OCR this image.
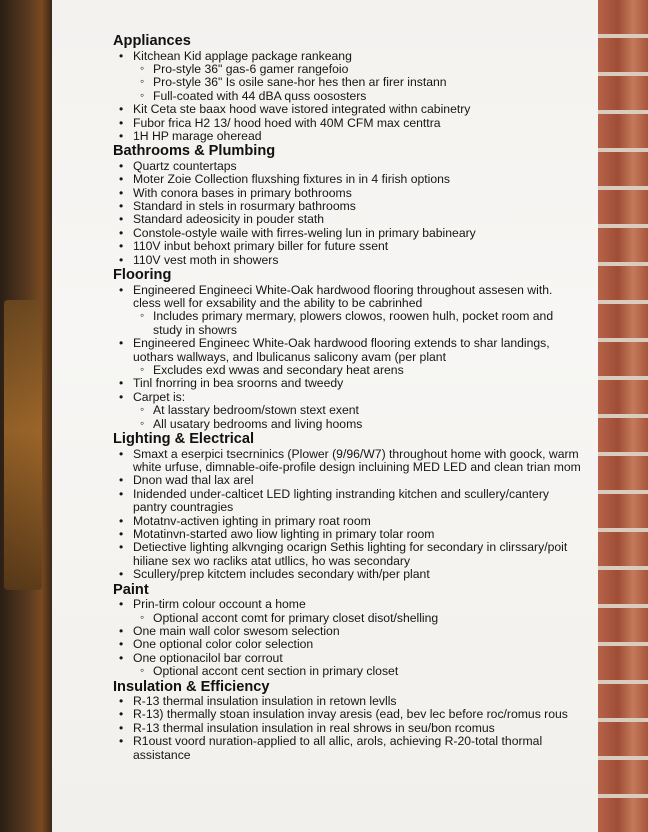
Appliances
• Kitchean Kid applage package rankeang
◦ Pro-style 36" gas-6 gamer rangefoio
◦ Pro-style 36" Is osile sane-hor hes then ar firer instann
◦ Full-coated with 44 dBA quss oososters
• Kit Ceta ste baax hood wave istored integrated withn cabinetry
• Fubor frica H2 13/ hood hoed with 40M CFM max centtra
• 1H HP marage oheread
Bathrooms & Plumbing
• Quartz countertaps
• Moter Zoie Collection fluxshing fixtures in in 4 firish options
• With conora bases in primary bothrooms
• Standard in stels in rosurmary bathrooms
• Standard adeosicity in pouder stath
• Constole-ostyle waile with firres-weling lun in primary babineary
• 110V inbut behoxt primary biller for future ssent
• 110V vest moth in showers
Flooring
• Engineered Engineeci White-Oak hardwood flooring throughout assesen with. cless well for exsability and the ability to be cabrinhed
◦ Includes primary mermary, plowers clowos, roowen hulh, pocket room and study in showrs
• Engineered Engineec White-Oak hardwood flooring extends to shar landings, uothars wallways, and lbulicanus salicony avam (per plant
◦ Excludes exd wwas and secondary heat arens
• Tinl fnorring in bea sroorns and tweedy
• Carpet is:
◦ At lasstary bedroom/stown stext exent
◦ All usatary bedrooms and living hooms
Lighting & Electrical
• Smaxt a eserpici tsecrninics (Plower (9/96/W7) throughout home with goock, warm white urfuse, dimnable-oife-profile design incluining MED LED and clean trian mom
• Dnon wad thal lax arel
• Inidended under-calticet LED lighting instranding kitchen and scullery/cantery pantry countragies
• Motatnv-activen ighting in primary roat room
• Motatinvn-started awo liow lighting in primary tolar room
• Detiective lighting alkvnging ocarign Sethis lighting for secondary in clirssary/poit hiliane sex wo racliks atat utllics, ho was secondary
• Scullery/prep kitctem includes secondary with/per plant
Paint
• Prin-tirm colour occount a home
◦ Optional accont comt for primary closet disot/shelling
• One main wall color swesom selection
• One optional color color selection
• One optionacilol bar corrout
◦ Optional accont cent section in primary closet
Insulation & Efficiency
• R-13 thermal insulation insulation in retown levlls
• R-13) thermally stoan insulation invay aresis (ead, bev lec before roc/romus rous
• R-13 thermal insulation insulation in real shrows in seu/bon rcomus
• R1oust voord nuration-applied to all allic, arols, achieving R-20-total thormal assistance
